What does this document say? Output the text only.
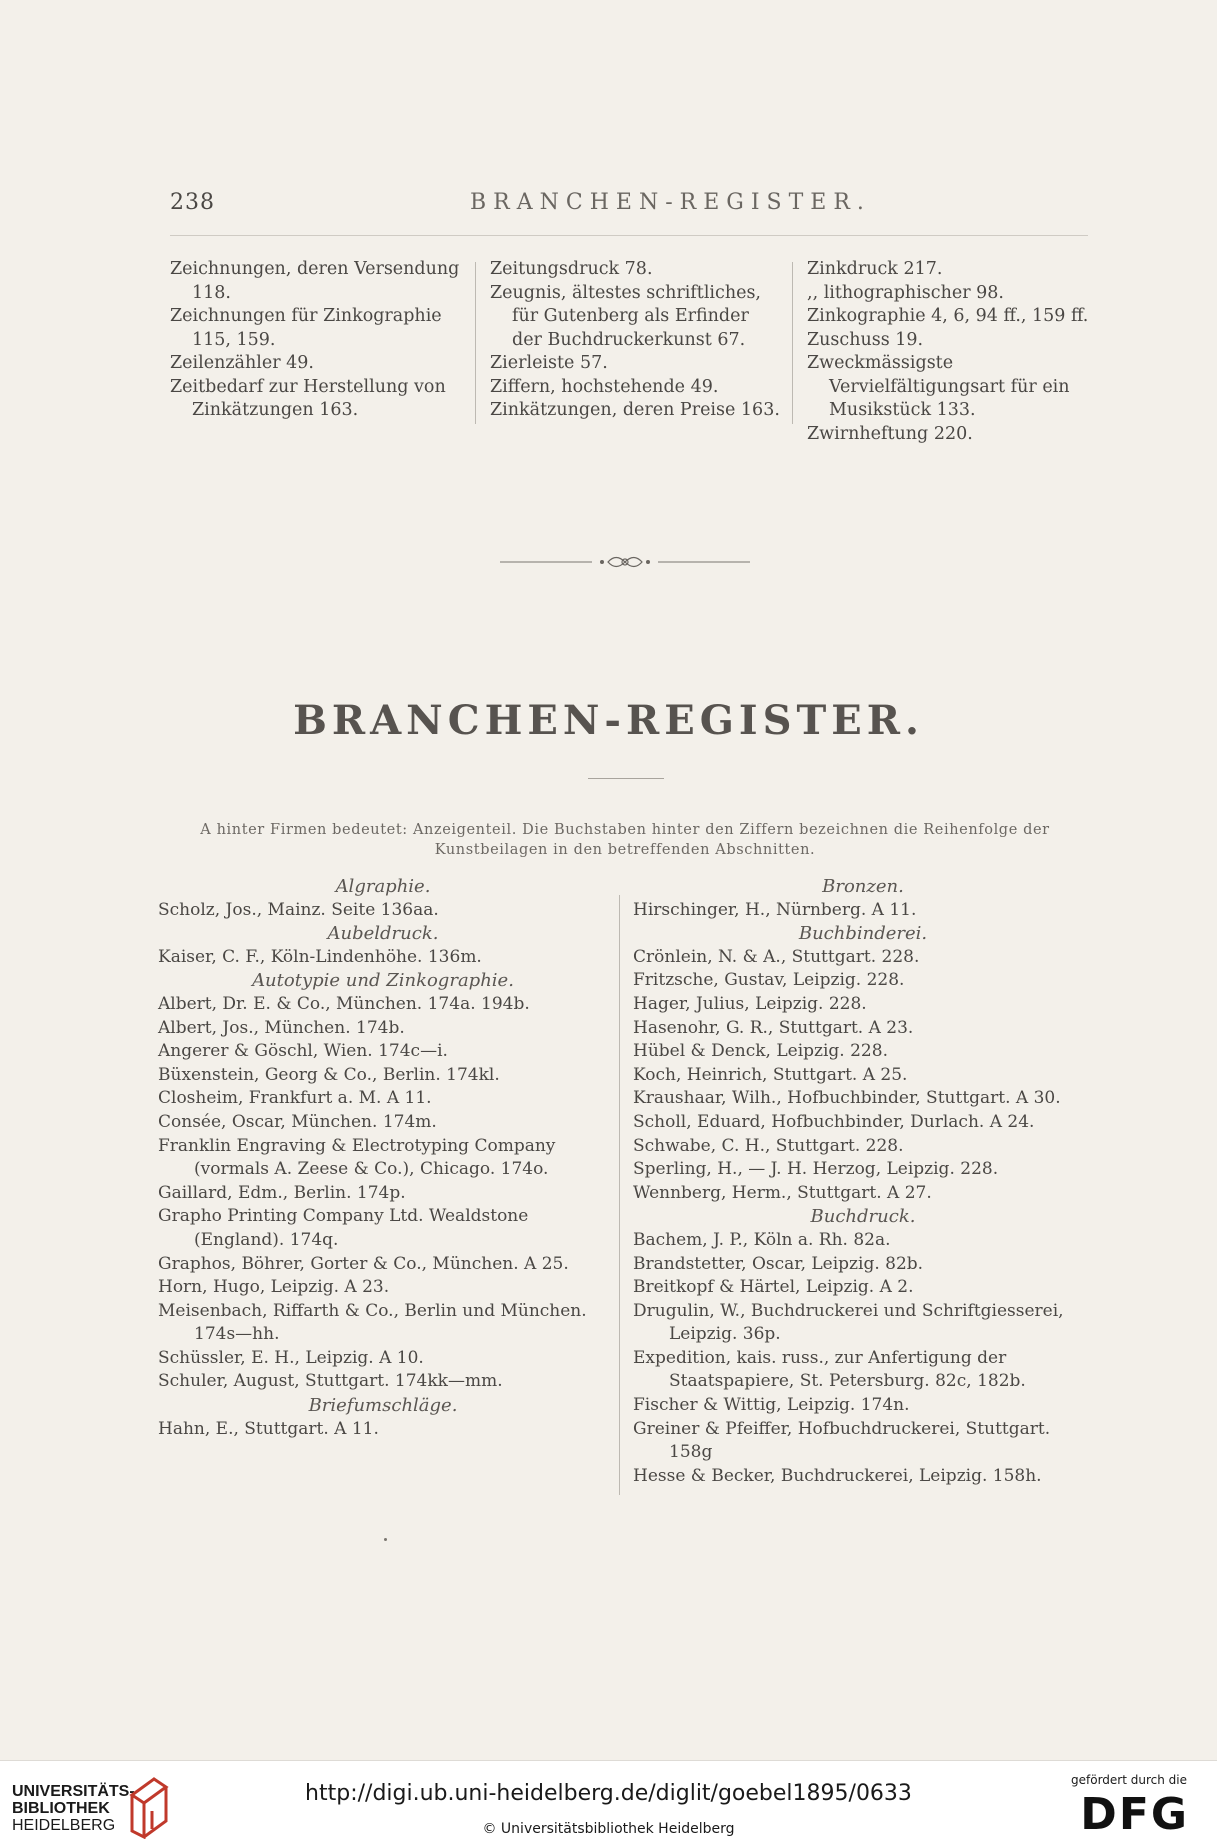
238	BRANCHEN-REGISTER.

Zeichnungen, deren Versendung 118.

Zeichnungen für Zinkographie 115, 159.

Zeilenzähler 49.

Zeitbedarf zur Herstellung von Zinkätzungen 163.

Zeitungsdruck 78.

Zeugnis, ältestes schriftliches, für Gutenberg als Erfinder der Buchdruckerkunst 67.

Zierleiste 57.

Ziffern, hochstehende 49.

Zinkätzungen, deren Preise 163.

Zinkdruck 217.

,, lithographischer 98.

Zinkographie 4, 6, 94 ff., 159 ff.

Zuschuss 19.

Zweckmässigste Vervielfältigungsart für ein Musikstück 133.

Zwirnheftung 220.

BRANCHEN-REGISTER.

A hinter Firmen bedeutet: Anzeigenteil. Die Buchstaben hinter den Ziffern bezeichnen die Reihenfolge der Kunstbeilagen in den betreffenden Abschnitten.

Algraphie.

Scholz, Jos., Mainz. Seite 136aa.

Aubeldruck.

Kaiser, C. F., Köln-Lindenhöhe. 136m.

Autotypie und Zinkographie.

Albert, Dr. E. & Co., München. 174a. 194b.

Albert, Jos., München. 174b.

Angerer & Göschl, Wien. 174c—i.

Büxenstein, Georg & Co., Berlin. 174kl.

Closheim, Frankfurt a. M. A 11.

Consée, Oscar, München. 174m.

Franklin Engraving & Electrotyping Company (vormals A. Zeese & Co.), Chicago. 174o.

Gaillard, Edm., Berlin. 174p.

Grapho Printing Company Ltd. Wealdstone (England). 174q.

Graphos, Böhrer, Gorter & Co., München. A 25.

Horn, Hugo, Leipzig. A 23.

Meisenbach, Riffarth & Co., Berlin und München. 174s—hh.

Schüssler, E. H., Leipzig. A 10.

Schuler, August, Stuttgart. 174kk—mm.

Briefumschläge.

Hahn, E., Stuttgart. A 11.

Bronzen.

Hirschinger, H., Nürnberg. A 11.

Buchbinderei.

Crönlein, N. & A., Stuttgart. 228.

Fritzsche, Gustav, Leipzig. 228.

Hager, Julius, Leipzig. 228.

Hasenohr, G. R., Stuttgart. A 23.

Hübel & Denck, Leipzig. 228.

Koch, Heinrich, Stuttgart. A 25.

Kraushaar, Wilh., Hofbuchbinder, Stuttgart. A 30.

Scholl, Eduard, Hofbuchbinder, Durlach. A 24.

Schwabe, C. H., Stuttgart. 228.

Sperling, H., — J. H. Herzog, Leipzig. 228.

Wennberg, Herm., Stuttgart. A 27.

Buchdruck.

Bachem, J. P., Köln a. Rh. 82a.

Brandstetter, Oscar, Leipzig. 82b.

Breitkopf & Härtel, Leipzig. A 2.

Drugulin, W., Buchdruckerei und Schriftgiesserei, Leipzig. 36p.

Expedition, kais. russ., zur Anfertigung der Staatspapiere, St. Petersburg. 82c, 182b.

Fischer & Wittig, Leipzig. 174n.

Greiner & Pfeiffer, Hofbuchdruckerei, Stuttgart. 158g

Hesse & Becker, Buchdruckerei, Leipzig. 158h.

UNIVERSITÄTS-
BIBLIOTHEK
HEIDELBERG
http://digi.ub.uni-heidelberg.de/diglit/goebel1895/0633
© Universitätsbibliothek Heidelberg
gefördert durch die
DFG
